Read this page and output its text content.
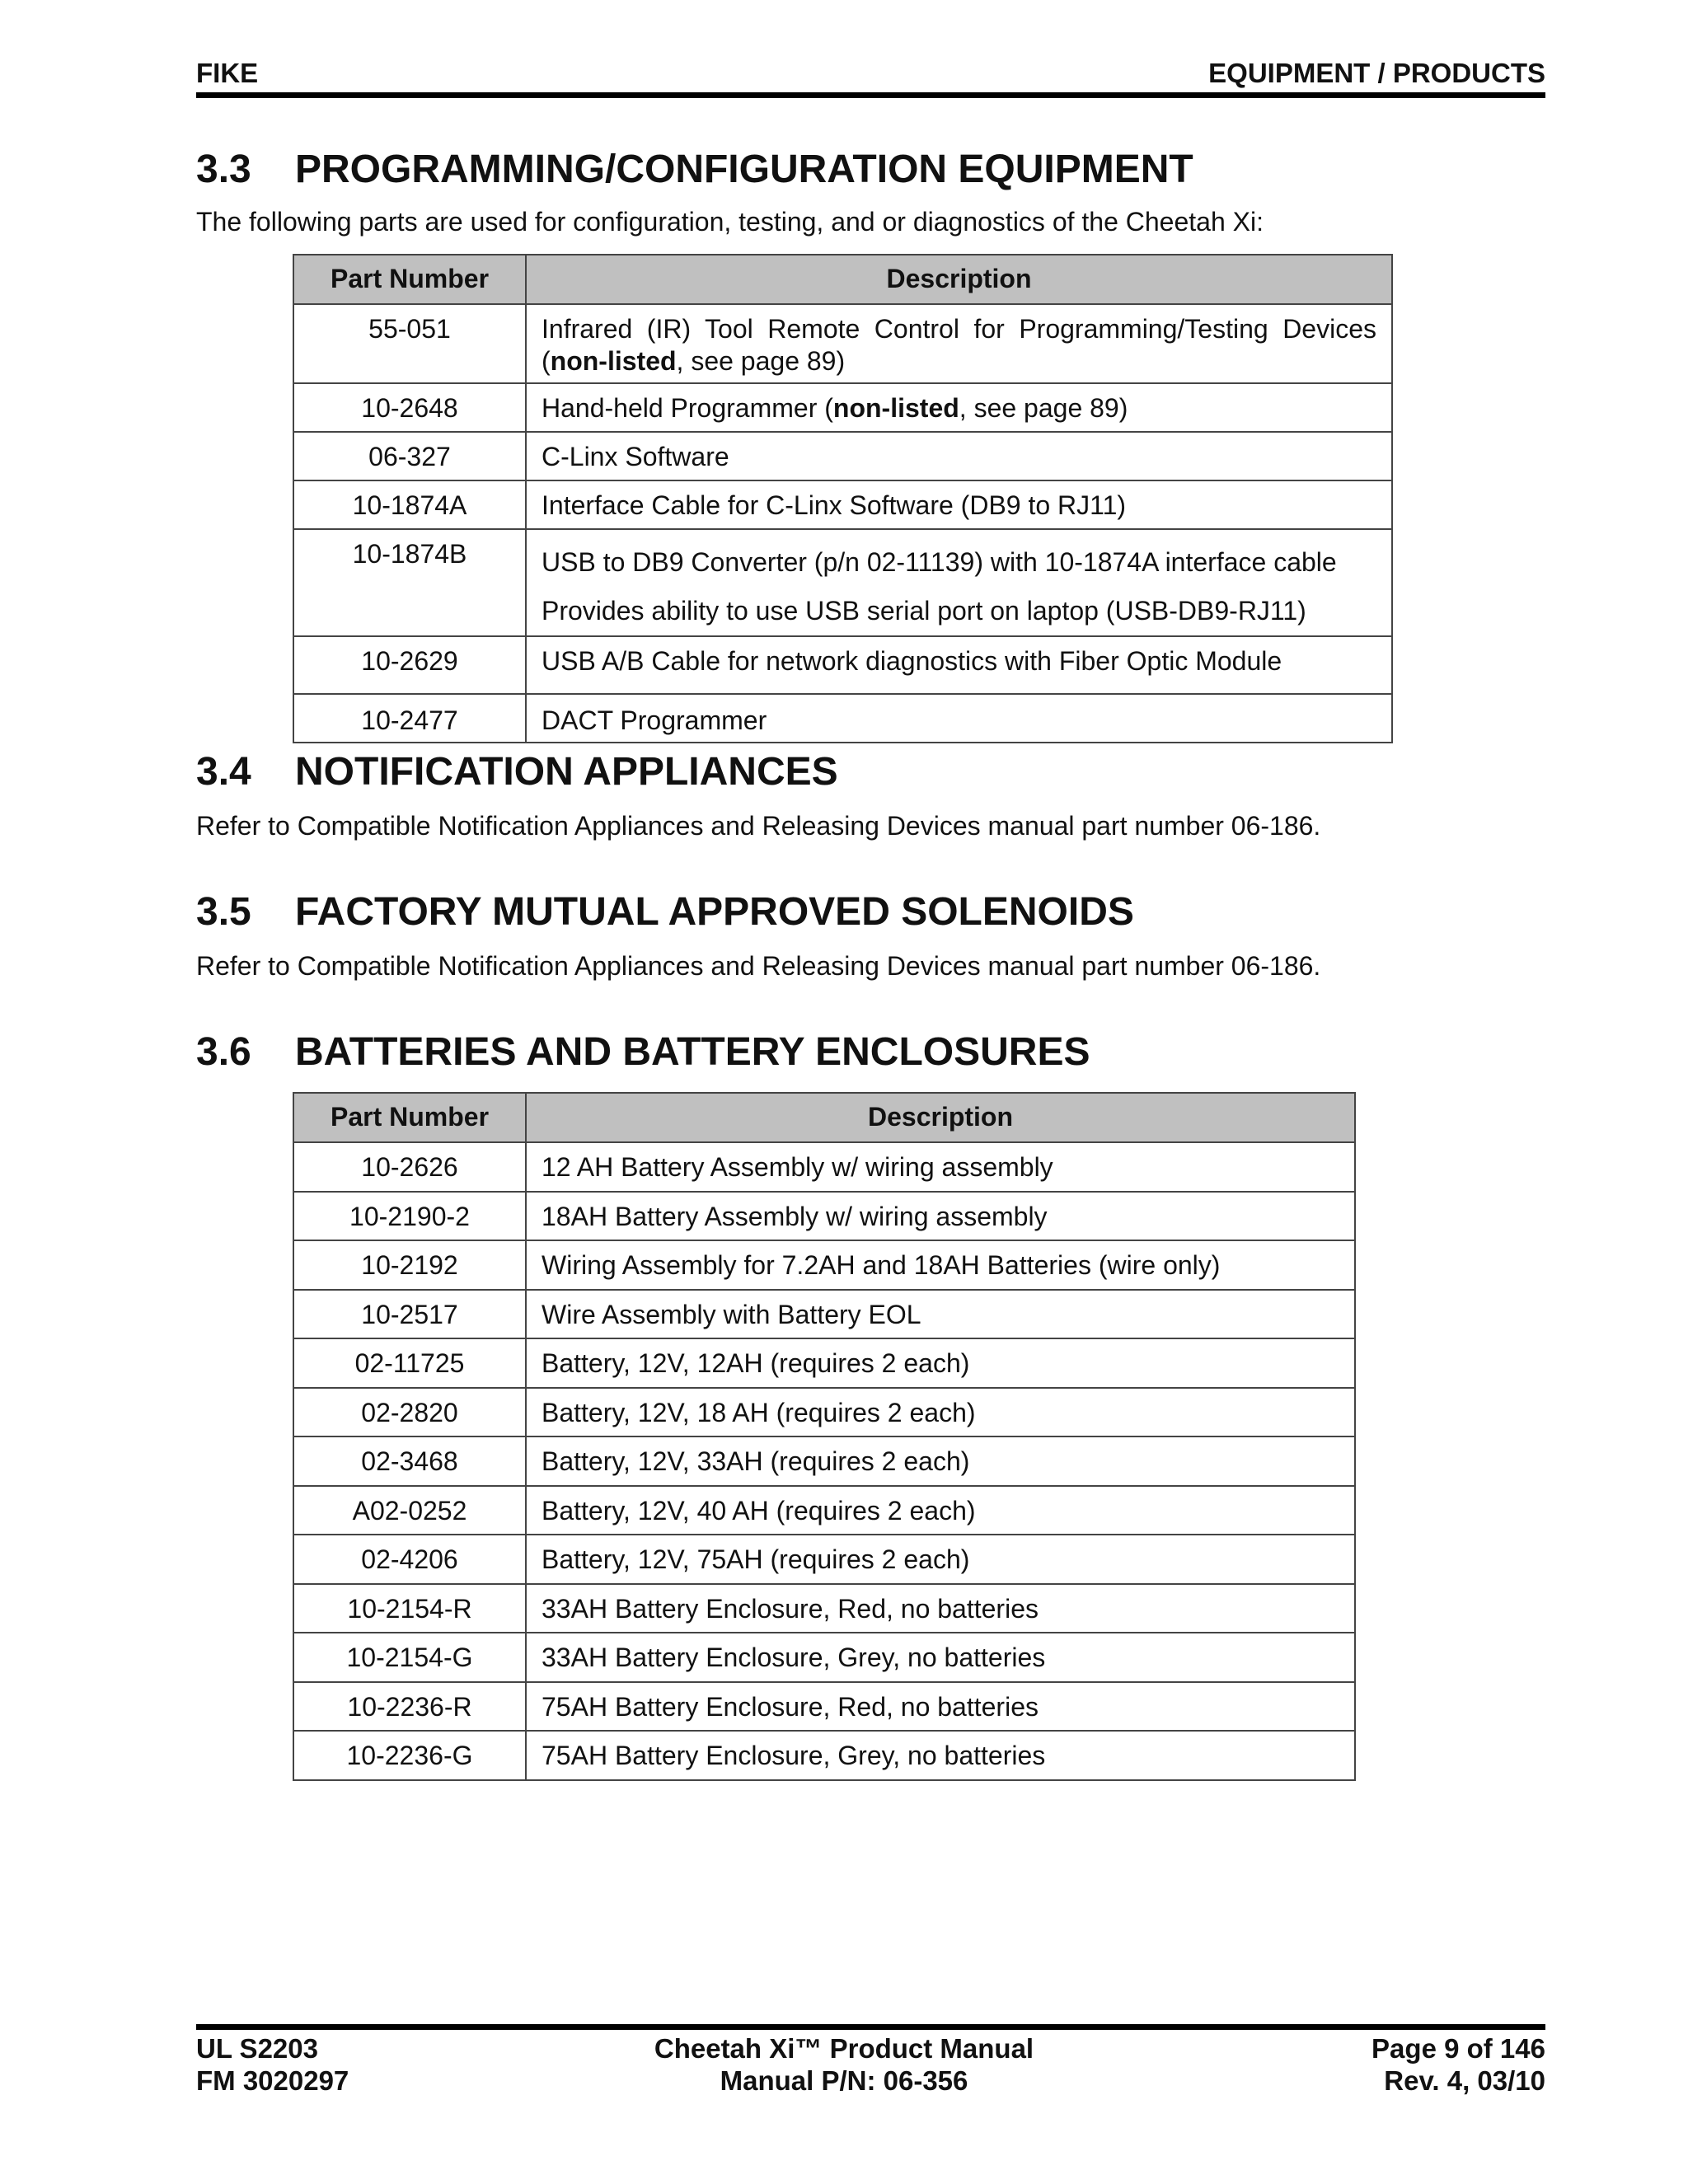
FIKE	EQUIPMENT / PRODUCTS
3.3 PROGRAMMING/CONFIGURATION EQUIPMENT

The following parts are used for configuration, testing, and or diagnostics of the Cheetah Xi:

Part Number	Description
55-051	Infrared (IR) Tool Remote Control for Programming/Testing Devices (non-listed, see page 89)
10-2648	Hand-held Programmer (non-listed, see page 89)
06-327	C-Linx Software
10-1874A	Interface Cable for C-Linx Software (DB9 to RJ11)
10-1874B	USB to DB9 Converter (p/n 02-11139) with 10-1874A interface cable
Provides ability to use USB serial port on laptop (USB-DB9-RJ11)

10-2629	USB A/B Cable for network diagnostics with Fiber Optic Module
10-2477	DACT Programmer
3.4 NOTIFICATION APPLIANCES

Refer to Compatible Notification Appliances and Releasing Devices manual part number 06-186.

3.5 FACTORY MUTUAL APPROVED SOLENOIDS

Refer to Compatible Notification Appliances and Releasing Devices manual part number 06-186.

3.6 BATTERIES AND BATTERY ENCLOSURES
Part Number	Description
10-2626	12 AH Battery Assembly w/ wiring assembly
10-2190-2	18AH Battery Assembly w/ wiring assembly
10-2192	Wiring Assembly for 7.2AH and 18AH Batteries (wire only)
10-2517	Wire Assembly with Battery EOL
02-11725	Battery, 12V, 12AH (requires 2 each)
02-2820	Battery, 12V, 18 AH (requires 2 each)
02-3468	Battery, 12V, 33AH (requires 2 each)
A02-0252	Battery, 12V, 40 AH (requires 2 each)
02-4206	Battery, 12V, 75AH (requires 2 each)
10-2154-R	33AH Battery Enclosure, Red, no batteries
10-2154-G	33AH Battery Enclosure, Grey, no batteries
10-2236-R	75AH Battery Enclosure, Red, no batteries
10-2236-G	75AH Battery Enclosure, Grey, no batteries
UL S2203
FM 3020297
Cheetah Xi™ Product Manual
Manual P/N: 06-356
Page 9 of 146
Rev. 4, 03/10
